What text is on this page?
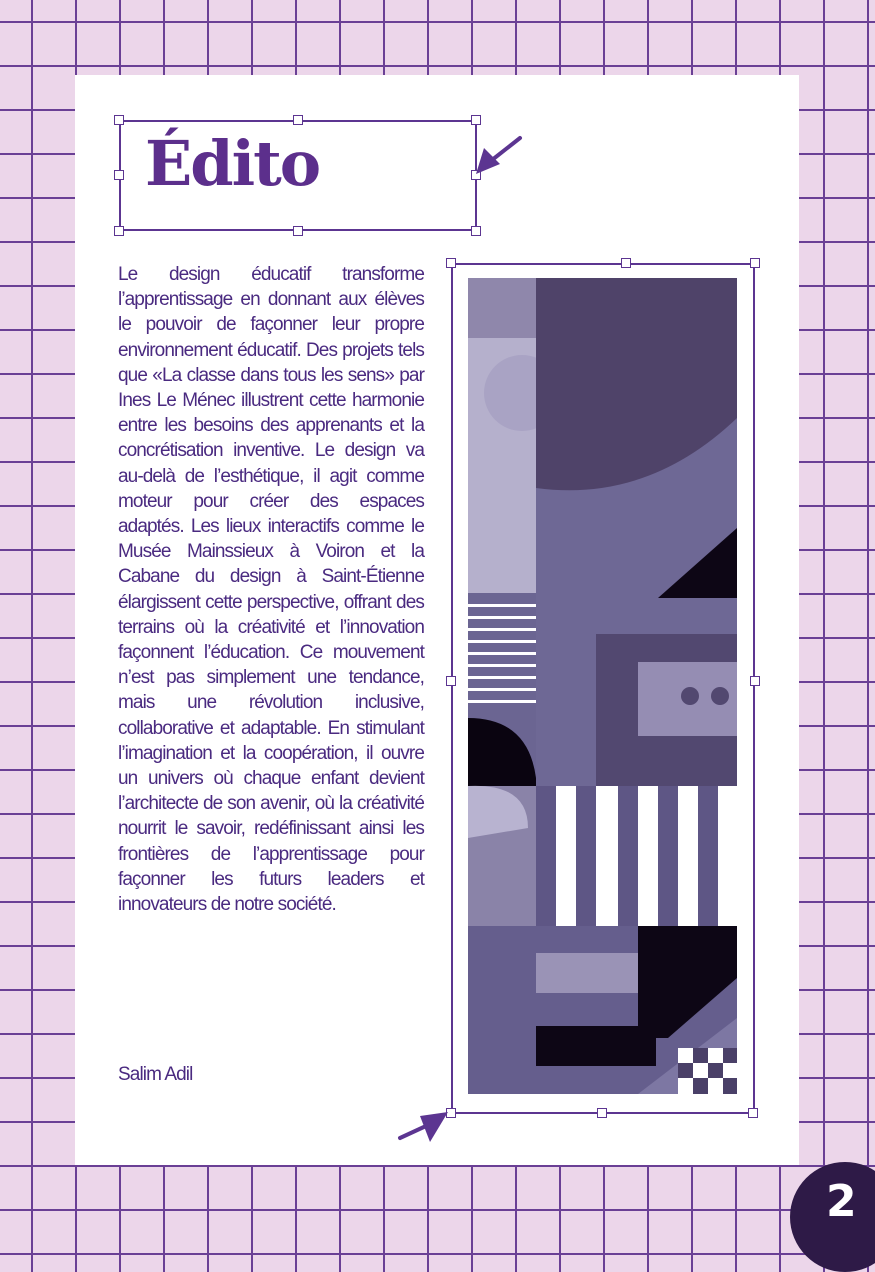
Édito

Le design éducatif transforme l’apprentissage en donnant aux élèves le pouvoir de façonner leur propre environnement éducatif. Des projets tels que «La classe dans tous les sens» par Ines Le Ménec illustrent cette harmonie entre les besoins des apprenants et la concrétisation inventive. Le design va au-delà de l’esthétique, il agit comme moteur pour créer des espaces adaptés. Les lieux interactifs comme le Musée Mainssieux à Voiron et la Cabane du design à Saint-Étienne élargissent cette perspective, offrant des terrains où la créativité et l’innovation façonnent l’éducation. Ce mouvement n’est pas simplement une tendance, mais une révolution inclusive, collaborative et adaptable. En stimulant l’imagination et la coopération, il ouvre un univers où chaque enfant devient l’architecte de son avenir, où la créativité nourrit le savoir, redéfinissant ainsi les frontières de l’apprentissage pour façonner les futurs leaders et innovateurs de notre société.

Salim Adil

2
